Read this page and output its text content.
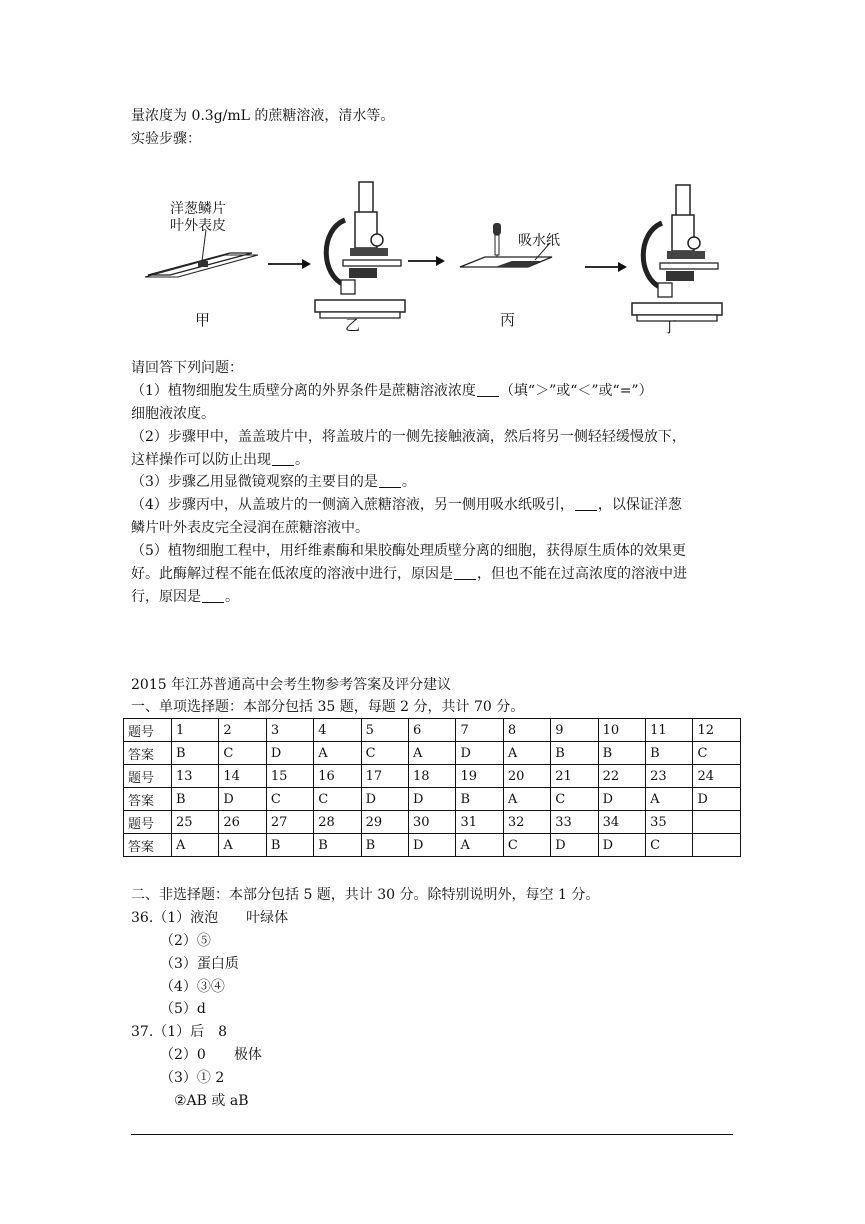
量浓度为 0.3g/mL 的蔗糖溶液，清水等。
实验步骤：
洋葱鳞片
叶外表皮
甲	乙
吸水纸
丙	丁
请回答下列问题：
（1）植物细胞发生质壁分离的外界条件是蔗糖溶液浓度 （填“＞”或“＜”或“=”）
细胞液浓度。
（2）步骤甲中，盖盖玻片中，将盖玻片的一侧先接触液滴，然后将另一侧轻轻缓慢放下，
这样操作可以防止出现 。
（3）步骤乙用显微镜观察的主要目的是 。
（4）步骤丙中，从盖玻片的一侧滴入蔗糖溶液，另一侧用吸水纸吸引， ，以保证洋葱
鳞片叶外表皮完全浸润在蔗糖溶液中。
（5）植物细胞工程中，用纤维素酶和果胶酶处理质壁分离的细胞，获得原生质体的效果更
好。此酶解过程不能在低浓度的溶液中进行，原因是 ，但也不能在过高浓度的溶液中进
行，原因是 。
2015 年江苏普通高中会考生物参考答案及评分建议
一、单项选择题：本部分包括 35 题，每题 2 分，共计 70 分。
题号	1	2	3	4	5	6	7	8	9	10	11	12
答案	B	C	D	A	C	A	D	A	B	B	B	C
题号	13	14	15	16	17	18	19	20	21	22	23	24
答案	B	D	C	C	D	D	B	A	C	D	A	D
题号	25	26	27	28	29	30	31	32	33	34	35	
答案	A	A	B	B	B	D	A	C	D	D	C	
二、非选择题：本部分包括 5 题，共计 30 分。除特别说明外，每空 1 分。
36.（1）液泡　　叶绿体
（2）⑤
（3）蛋白质
（4）③④
（5）d
37.（1）后　8
（2）0　　极体
（3）① 2
②AB 或 aB
